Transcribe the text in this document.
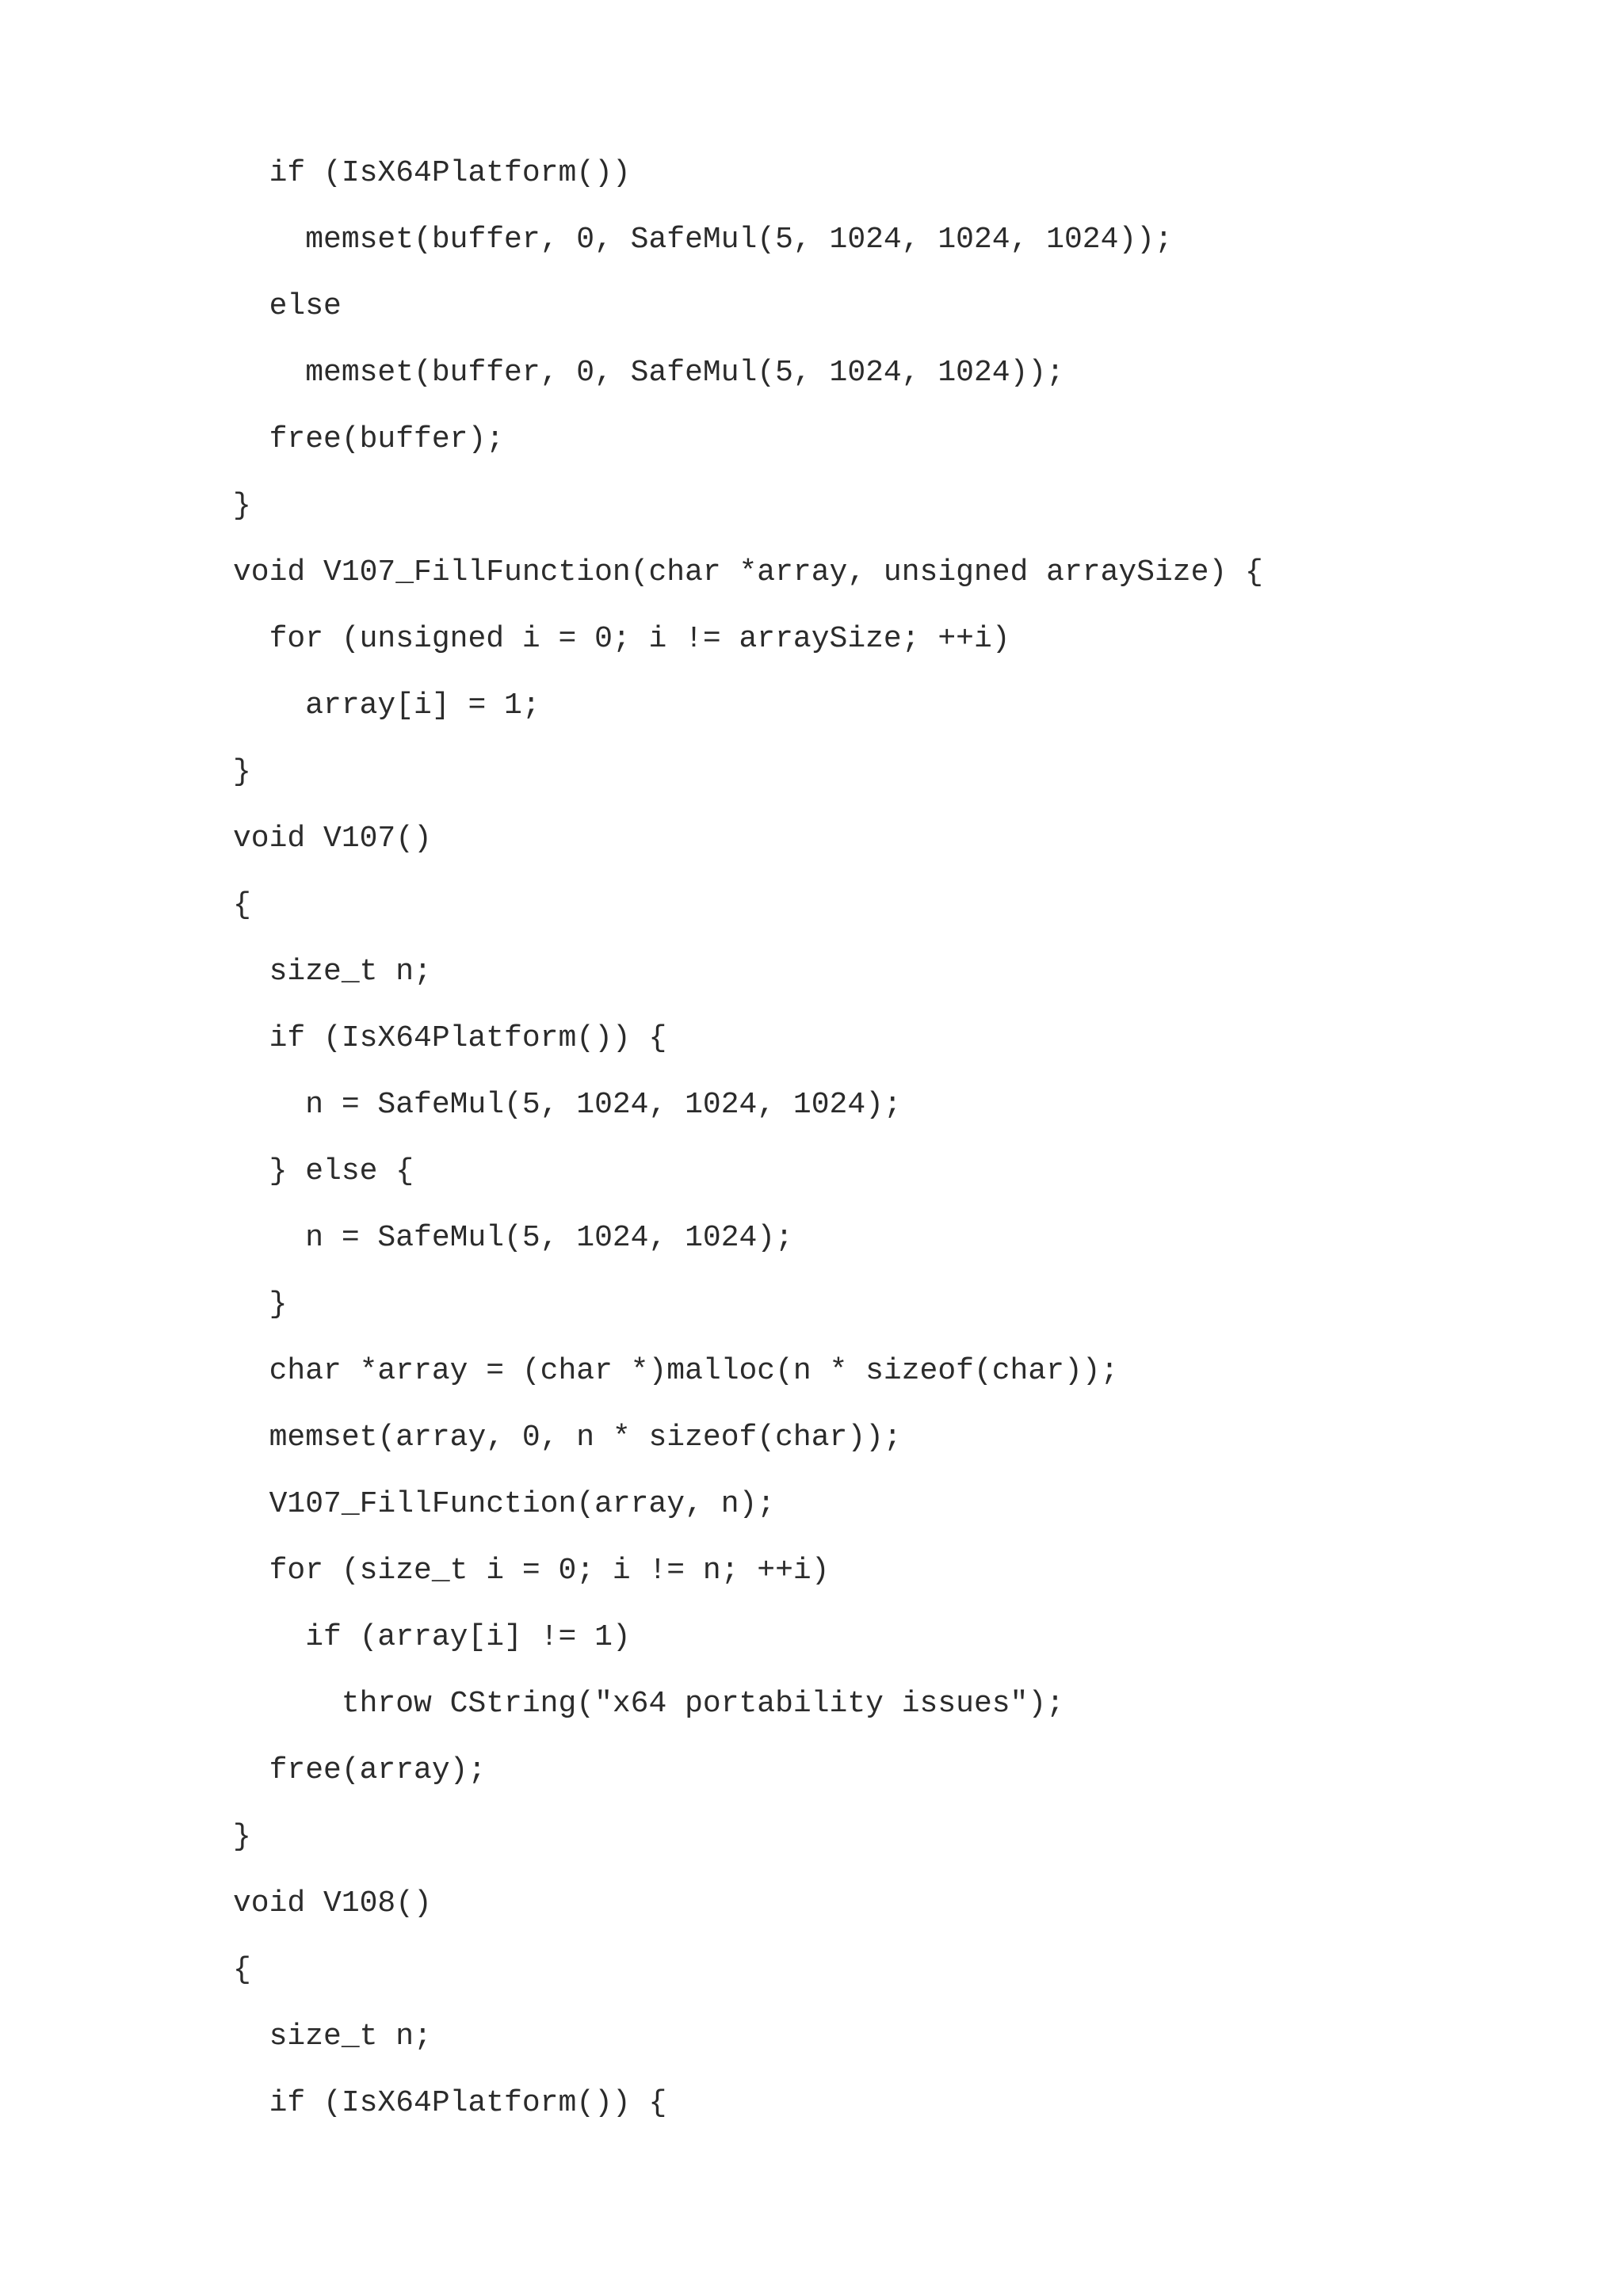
if (IsX64Platform())
memset(buffer, 0, SafeMul(5, 1024, 1024, 1024));
else
memset(buffer, 0, SafeMul(5, 1024, 1024));
free(buffer);
}
void V107_FillFunction(char *array, unsigned arraySize) {
for (unsigned i = 0; i != arraySize; ++i)
array[i] = 1;
}
void V107()
{
size_t n;
if (IsX64Platform()) {
n = SafeMul(5, 1024, 1024, 1024);
} else {
n = SafeMul(5, 1024, 1024);
}
char *array = (char *)malloc(n * sizeof(char));
memset(array, 0, n * sizeof(char));
V107_FillFunction(array, n);
for (size_t i = 0; i != n; ++i)
if (array[i] != 1)
throw CString("x64 portability issues");
free(array);
}
void V108()
{
size_t n;
if (IsX64Platform()) {
